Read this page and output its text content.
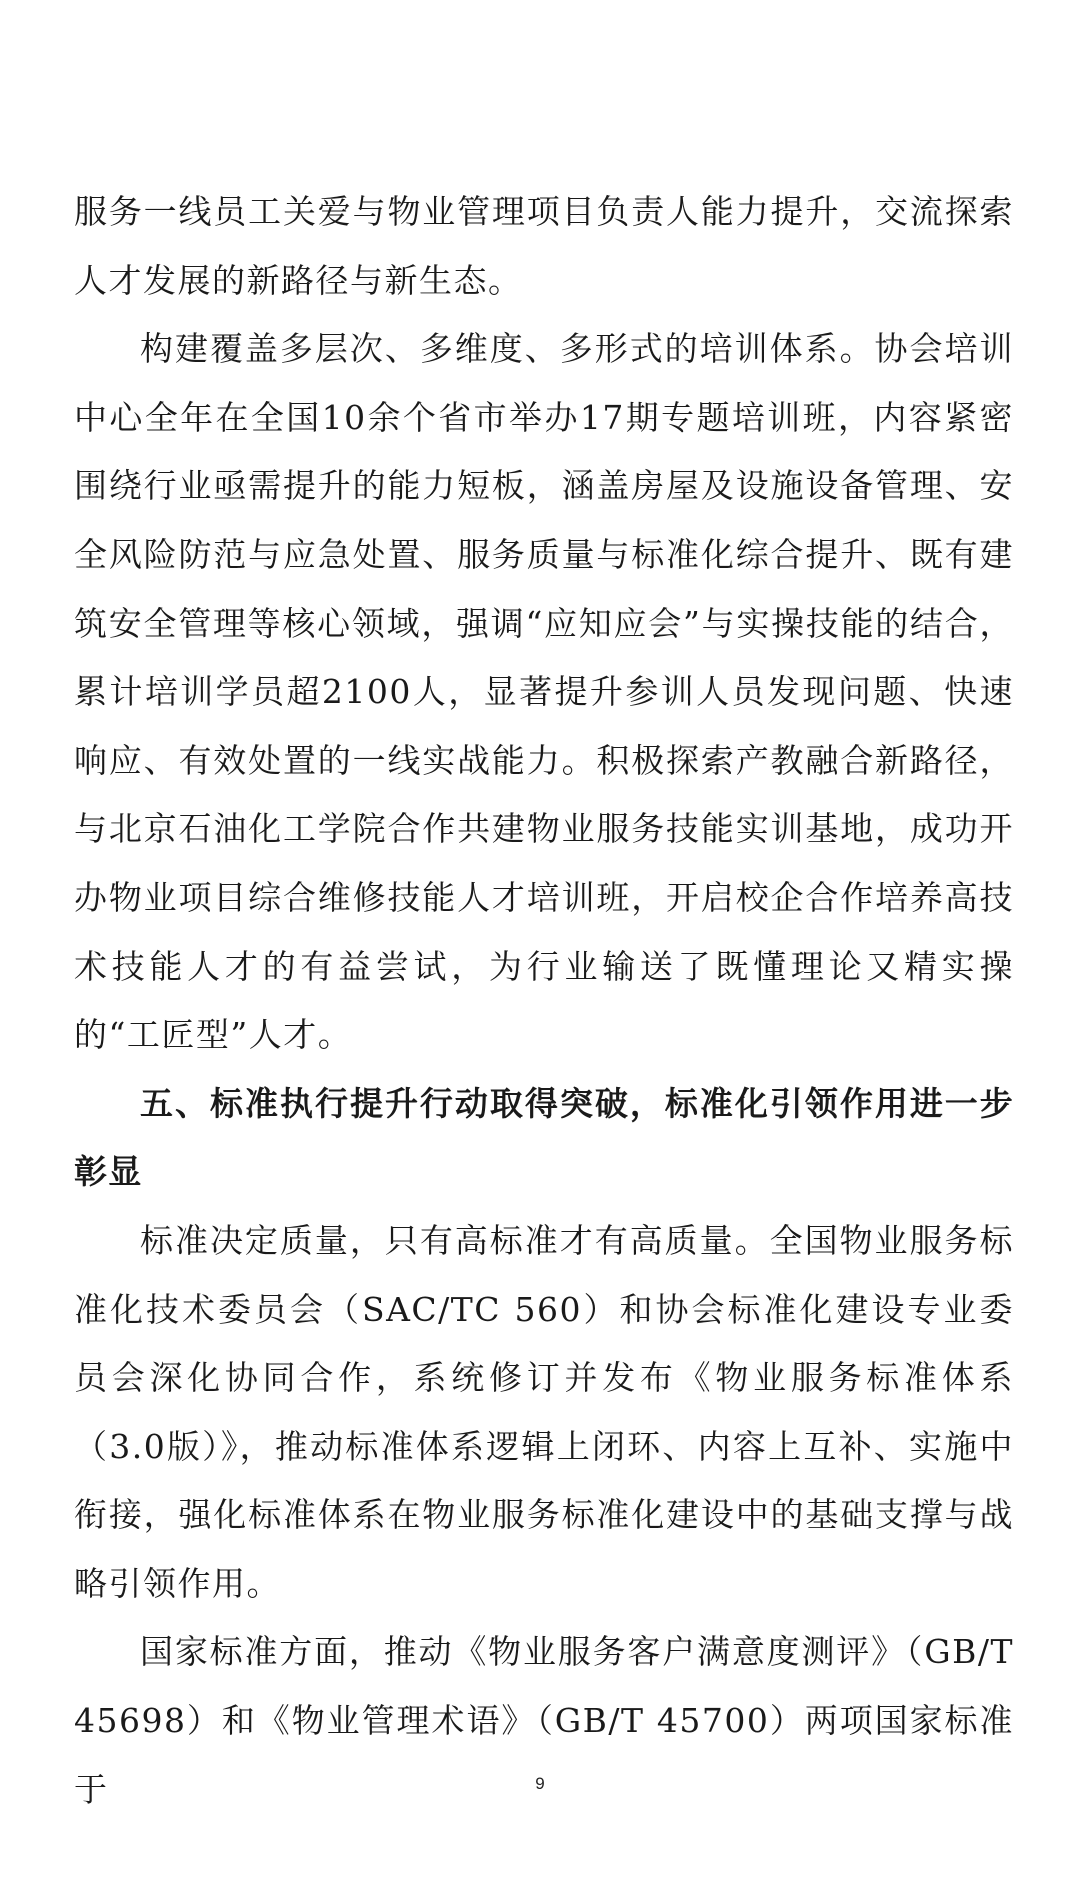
服务一线员工关爱与物业管理项目负责人能力提升，交流探索人才发展的新路径与新生态。

构建覆盖多层次、多维度、多形式的培训体系。协会培训中心全年在全国10余个省市举办17期专题培训班，内容紧密围绕行业亟需提升的能力短板，涵盖房屋及设施设备管理、安全风险防范与应急处置、服务质量与标准化综合提升、既有建筑安全管理等核心领域，强调“应知应会”与实操技能的结合，累计培训学员超2100人，显著提升参训人员发现问题、快速响应、有效处置的一线实战能力。积极探索产教融合新路径，与北京石油化工学院合作共建物业服务技能实训基地，成功开办物业项目综合维修技能人才培训班，开启校企合作培养高技术技能人才的有益尝试，为行业输送了既懂理论又精实操的“工匠型”人才。

五、标准执行提升行动取得突破，标准化引领作用进一步彰显

标准决定质量，只有高标准才有高质量。全国物业服务标准化技术委员会（SAC/TC 560）和协会标准化建设专业委员会深化协同合作，系统修订并发布《物业服务标准体系（3.0版）》，推动标准体系逻辑上闭环、内容上互补、实施中衔接，强化标准体系在物业服务标准化建设中的基础支撑与战略引领作用。

国家标准方面，推动《物业服务客户满意度测评》（GB/T 45698）和《物业管理术语》（GB/T 45700）两项国家标准于	9
